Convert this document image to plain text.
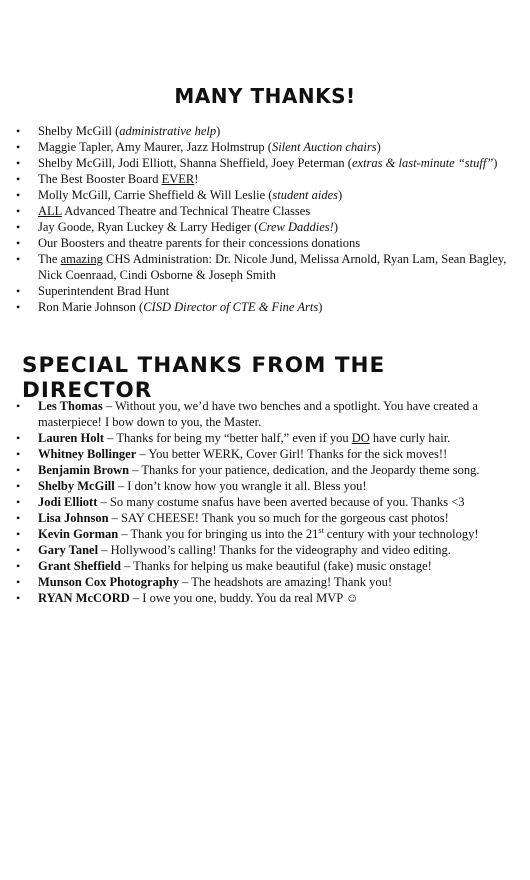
MANY THANKS!
• Shelby McGill (administrative help)
• Maggie Tapler, Amy Maurer, Jazz Holmstrup (Silent Auction chairs)
• Shelby McGill, Jodi Elliott, Shanna Sheffield, Joey Peterman (extras & last-minute “stuff”)
• The Best Booster Board EVER!
• Molly McGill, Carrie Sheffield & Will Leslie (student aides)
• ALL Advanced Theatre and Technical Theatre Classes
• Jay Goode, Ryan Luckey & Larry Hediger (Crew Daddies!)
• Our Boosters and theatre parents for their concessions donations
• The amazing CHS Administration: Dr. Nicole Jund, Melissa Arnold, Ryan Lam, Sean Bagley, Nick Coenraad, Cindi Osborne & Joseph Smith
• Superintendent Brad Hunt
• Ron Marie Johnson (CISD Director of CTE & Fine Arts)
SPECIAL THANKS FROM THE DIRECTOR
• Les Thomas – Without you, we’d have two benches and a spotlight. You have created a masterpiece! I bow down to you, the Master.
• Lauren Holt – Thanks for being my “better half,” even if you DO have curly hair.
• Whitney Bollinger – You better WERK, Cover Girl! Thanks for the sick moves!!
• Benjamin Brown – Thanks for your patience, dedication, and the Jeopardy theme song.
• Shelby McGill – I don’t know how you wrangle it all. Bless you!
• Jodi Elliott – So many costume snafus have been averted because of you. Thanks <3
• Lisa Johnson – SAY CHEESE! Thank you so much for the gorgeous cast photos!
• Kevin Gorman – Thank you for bringing us into the 21st century with your technology!
• Gary Tanel – Hollywood’s calling! Thanks for the videography and video editing.
• Grant Sheffield – Thanks for helping us make beautiful (fake) music onstage!
• Munson Cox Photography – The headshots are amazing! Thank you!
• RYAN McCORD – I owe you one, buddy. You da real MVP ☺
